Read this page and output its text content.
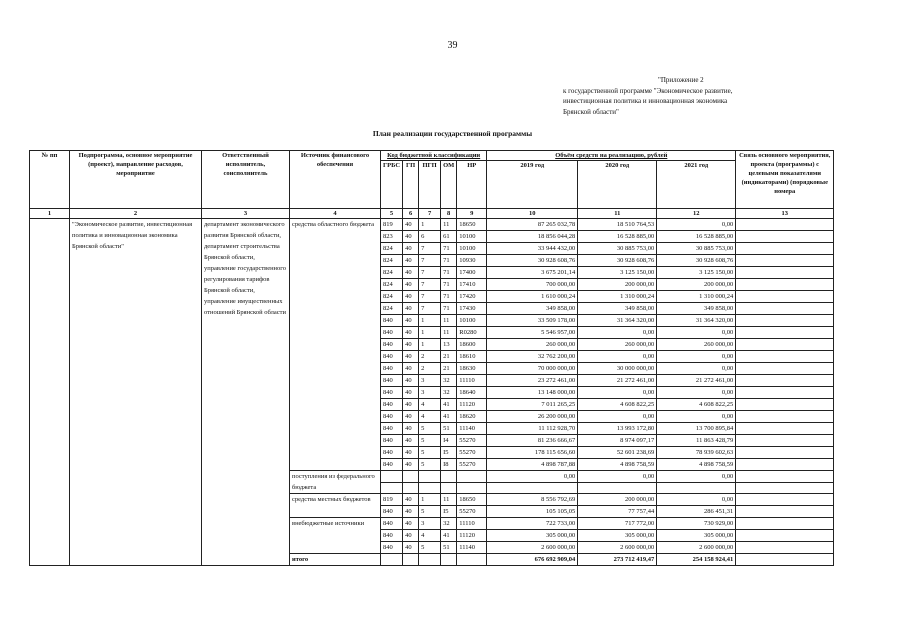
39
"Приложение 2
к государственной программе "Экономическое развитие,
инвестиционная политика и инновационная экономика
Брянской области"
План реализации государственной программы
№ пп	Подпрограмма, основное мероприятие (проект), направление расходов, мероприятие	Ответственный исполнитель, соисполнитель	Источник финансового обеспечения	Код бюджетной классификации					Объём средств на реализацию, рублей			Связь основного мероприятия, проекта (программы) с целевыми показателями (индикаторами) (порядковые номера
				ГРБС	ГП	ПГП	ОМ	НР	2019 год	2020 год	2021 год	
1	2	3	4	5	6	7	8	9	10	11	12	13
	"Экономическое развитие, инвестиционная политика и инновационная экономика Брянской области"	департамент экономического развития Брянской области, департамент строительства Брянской области, управление государственного регулирования тарифов Брянской области, управление имущественных отношений Брянской области	средства областного бюджета	819	40	1	11	18650	87 265 032,78	18 510 764,53	0,00	
				823	40	6	61	10100	18 856 044,28	16 528 885,00	16 528 885,00	
				824	40	7	71	10100	33 944 432,00	30 885 753,00	30 885 753,00	
				824	40	7	71	10930	30 928 608,76	30 928 608,76	30 928 608,76	
				824	40	7	71	17400	3 675 201,14	3 125 150,00	3 125 150,00	
				824	40	7	71	17410	700 000,00	200 000,00	200 000,00	
				824	40	7	71	17420	1 610 000,24	1 310 000,24	1 310 000,24	
				824	40	7	71	17430	349 858,00	349 858,00	349 858,00	
				840	40	1	11	10100	33 509 178,00	31 364 320,00	31 364 320,00	
				840	40	1	11	R0280	5 546 957,00	0,00	0,00	
				840	40	1	13	18600	260 000,00	260 000,00	260 000,00	
				840	40	2	21	18610	32 762 200,00	0,00	0,00	
				840	40	2	21	18630	70 000 000,00	30 000 000,00	0,00	
				840	40	3	32	11110	23 272 461,00	21 272 461,00	21 272 461,00	
				840	40	3	32	18640	13 148 000,00	0,00	0,00	
				840	40	4	41	11120	7 011 265,25	4 608 822,25	4 608 822,25	
				840	40	4	41	18620	26 200 000,00	0,00	0,00	
				840	40	5	51	11140	11 112 928,70	13 993 172,80	13 700 895,84	
				840	40	5	I4	55270	81 236 666,67	8 974 097,17	11 863 428,79	
				840	40	5	I5	55270	178 115 656,60	52 601 238,69	78 939 602,63	
				840	40	5	I8	55270	4 898 787,88	4 898 758,59	4 898 758,59	
			поступления из федерального бюджета						0,00	0,00	0,00	

			средства местных бюджетов	819	40	1	11	18650	8 556 792,69	200 000,00	0,00	
				840	40	5	I5	55270	105 105,05	77 757,44	286 451,31	
			внебюджетные источники	840	40	3	32	11110	722 733,00	717 772,00	730 929,00	
				840	40	4	41	11120	305 000,00	305 000,00	305 000,00	
				840	40	5	51	11140	2 600 000,00	2 600 000,00	2 600 000,00	
			итого						676 692 909,04	273 712 419,47	254 158 924,41	
